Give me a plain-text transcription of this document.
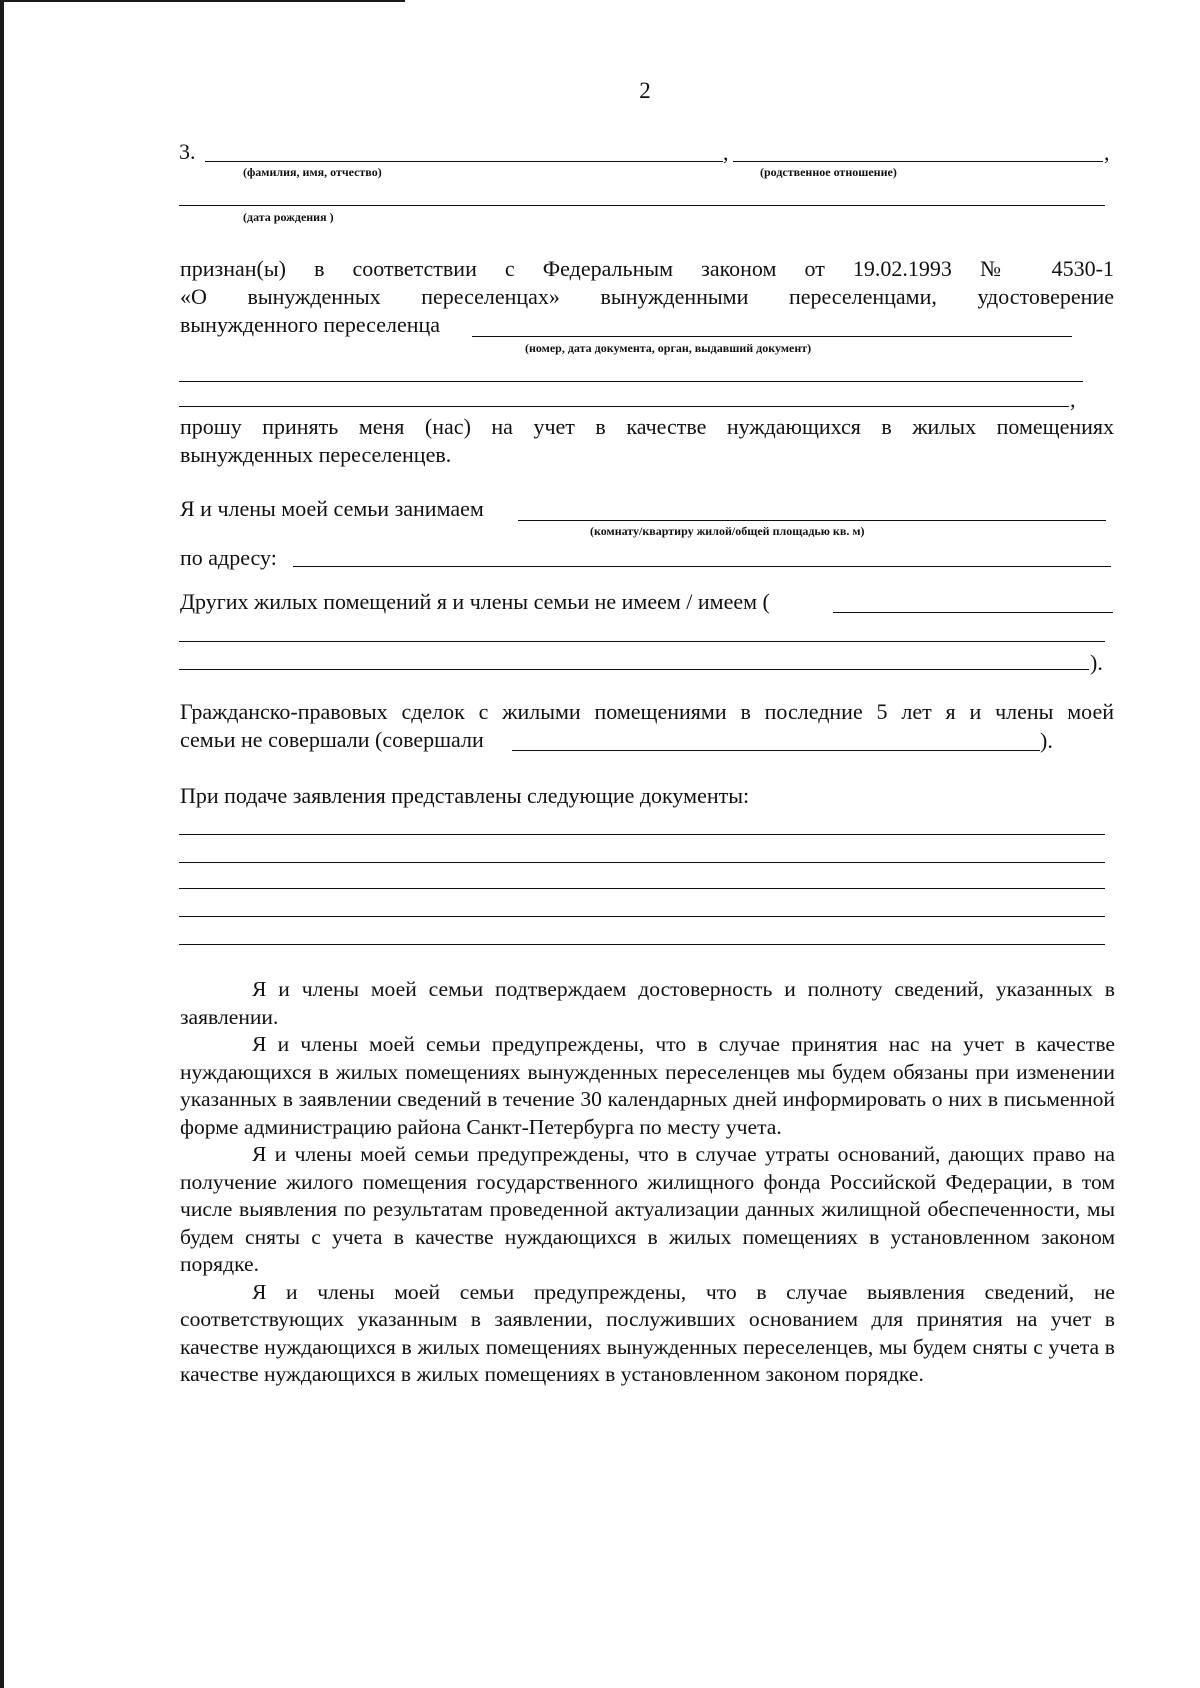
2
3.	,	,
(фамилия, имя, отчество)	(родственное отношение)
(дата рождения )
признан(ы) в соответствии с Федеральным законом от 19.02.1993 № 4530-1
«О вынужденных переселенцах» вынужденными переселенцами, удостоверение
вынужденного переселенца
(номер, дата документа, орган, выдавший документ)
,
прошу принять меня (нас) на учет в качестве нуждающихся в жилых помещениях
вынужденных переселенцев.
Я и члены моей семьи занимаем
(комнату/квартиру жилой/общей площадью кв. м)
по адресу:
Других жилых помещений я и члены семьи не имеем / имеем (
).
Гражданско-правовых сделок с жилыми помещениями в последние 5 лет я и члены моей
семьи не совершали (совершали	).
При подаче заявления представлены следующие документы:

Я и члены моей семьи подтверждаем достоверность и полноту сведений, указанных в заявлении.

Я и члены моей семьи предупреждены, что в случае принятия нас на учет в качестве нуждающихся в жилых помещениях вынужденных переселенцев мы будем обязаны при изменении указанных в заявлении сведений в течение 30 календарных дней информировать о них в письменной форме администрацию района Санкт-Петербурга по месту учета.

Я и члены моей семьи предупреждены, что в случае утраты оснований, дающих право на получение жилого помещения государственного жилищного фонда Российской Федерации, в том числе выявления по результатам проведенной актуализации данных жилищной обеспеченности, мы будем сняты с учета в качестве нуждающихся в жилых помещениях в установленном законом порядке.

Я и члены моей семьи предупреждены, что в случае выявления сведений, не соответствующих указанным в заявлении, послуживших основанием для принятия на учет в качестве нуждающихся в жилых помещениях вынужденных переселенцев, мы будем сняты с учета в качестве нуждающихся в жилых помещениях в установленном законом порядке.
